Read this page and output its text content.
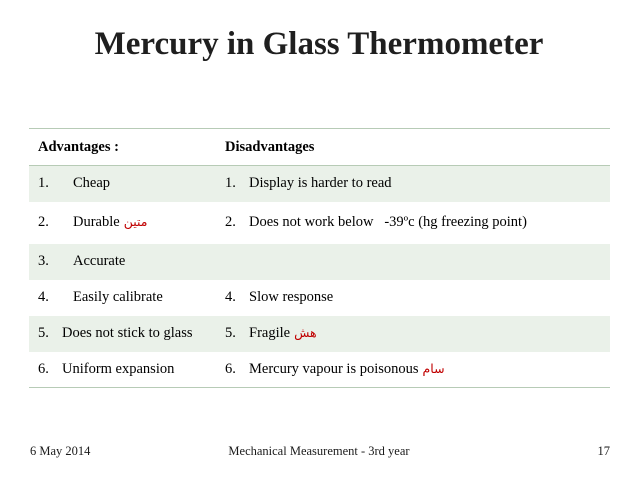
Mercury in Glass Thermometer
Advantages :	Disadvantages
1. Cheap	1. Display is harder to read
2. Durable متين	2. Does not work below   -39ºc (hg freezing point)
3. Accurate	
4. Easily calibrate	4. Slow response
5. Does not stick to glass	5. Fragile هش
6. Uniform expansion	6. Mercury vapour is poisonous سام
6 May 2014	Mechanical Measurement - 3rd year	17
